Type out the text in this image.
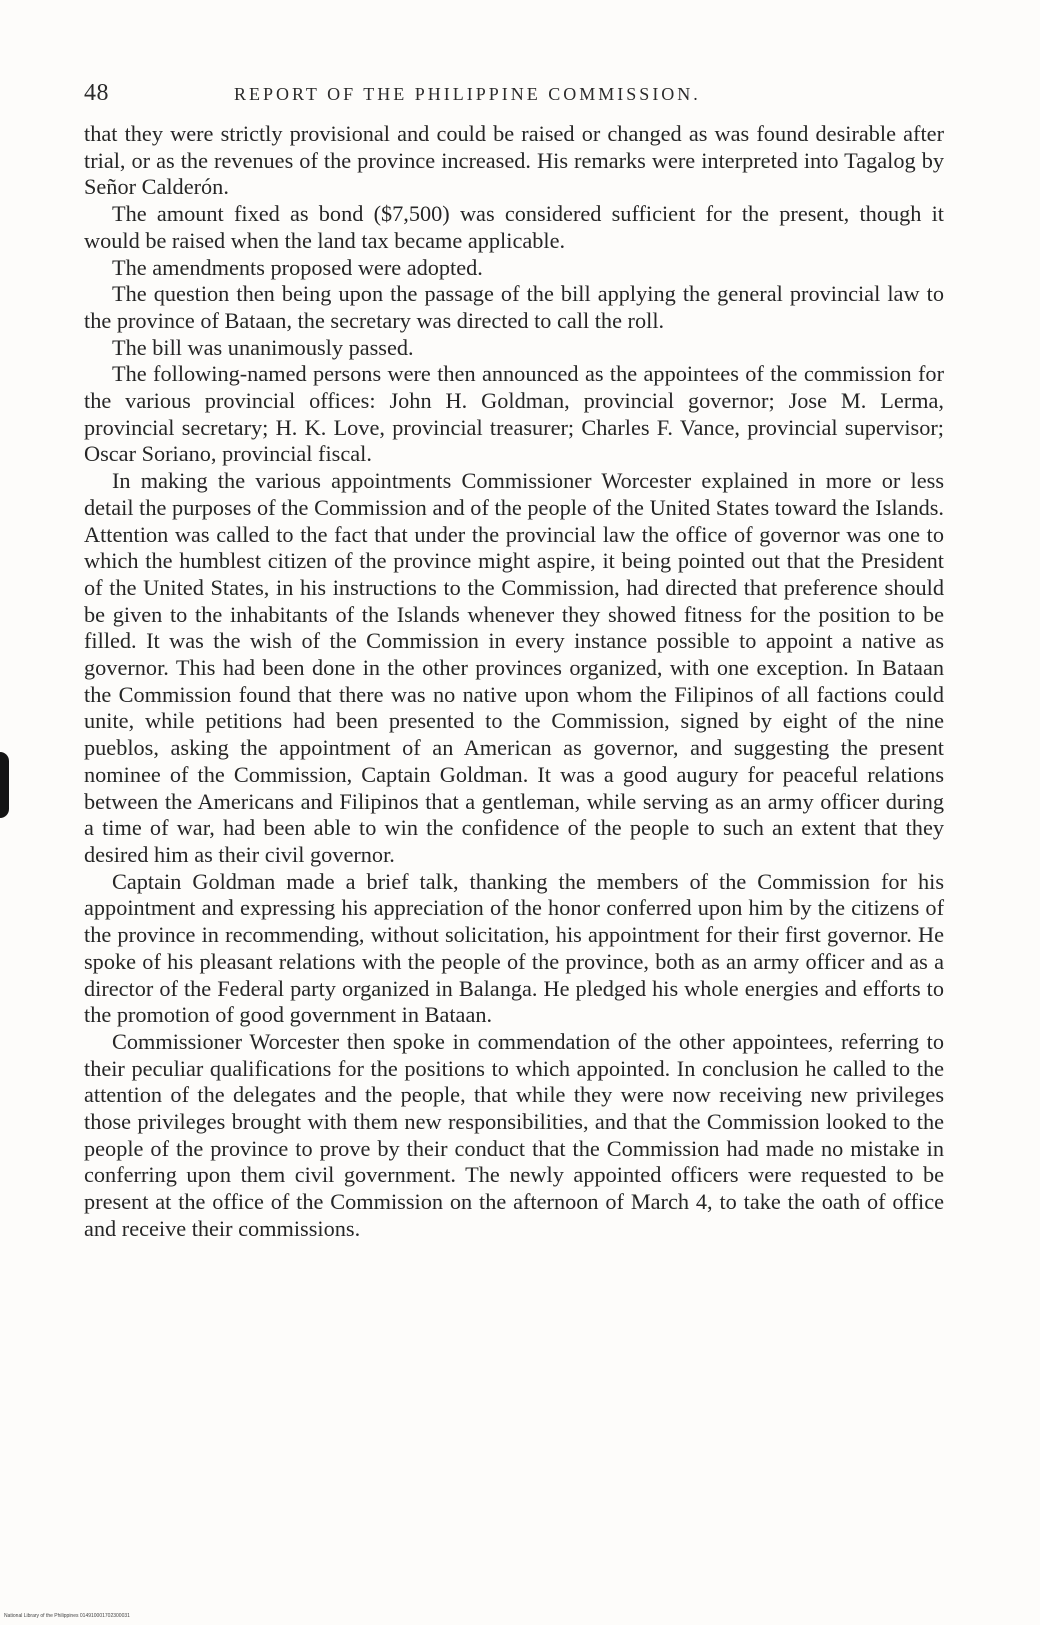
48	REPORT OF THE PHILIPPINE COMMISSION.

that they were strictly provisional and could be raised or changed as was found desirable after trial, or as the revenues of the province increased. His remarks were interpreted into Tagalog by Señor Calderón.

The amount fixed as bond ($7,500) was considered sufficient for the present, though it would be raised when the land tax became applicable.

The amendments proposed were adopted.

The question then being upon the passage of the bill applying the general provincial law to the province of Bataan, the secretary was directed to call the roll.

The bill was unanimously passed.

The following-named persons were then announced as the appointees of the commission for the various provincial offices: John H. Goldman, provincial governor; Jose M. Lerma, provincial secretary; H. K. Love, provincial treasurer; Charles F. Vance, provincial supervisor; Oscar Soriano, provincial fiscal.

In making the various appointments Commissioner Worcester explained in more or less detail the purposes of the Commission and of the people of the United States toward the Islands. Attention was called to the fact that under the provincial law the office of governor was one to which the humblest citizen of the province might aspire, it being pointed out that the President of the United States, in his instructions to the Commission, had directed that preference should be given to the inhabitants of the Islands whenever they showed fitness for the position to be filled. It was the wish of the Commission in every instance possible to appoint a native as governor. This had been done in the other provinces organized, with one exception. In Bataan the Commission found that there was no native upon whom the Filipinos of all factions could unite, while petitions had been presented to the Commission, signed by eight of the nine pueblos, asking the appointment of an American as governor, and suggesting the present nominee of the Commission, Captain Goldman. It was a good augury for peaceful relations between the Americans and Filipinos that a gentleman, while serving as an army officer during a time of war, had been able to win the confidence of the people to such an extent that they desired him as their civil governor.

Captain Goldman made a brief talk, thanking the members of the Commission for his appointment and expressing his appreciation of the honor conferred upon him by the citizens of the province in recommending, without solicitation, his appointment for their first governor. He spoke of his pleasant relations with the people of the province, both as an army officer and as a director of the Federal party organized in Balanga. He pledged his whole energies and efforts to the promotion of good government in Bataan.

Commissioner Worcester then spoke in commendation of the other appointees, referring to their peculiar qualifications for the positions to which appointed. In conclusion he called to the attention of the delegates and the people, that while they were now receiving new privileges those privileges brought with them new responsibilities, and that the Commission looked to the people of the province to prove by their conduct that the Commission had made no mistake in conferring upon them civil government. The newly appointed officers were requested to be present at the office of the Commission on the afternoon of March 4, to take the oath of office and receive their commissions.

National Library of the Philippines 014910001702300031
